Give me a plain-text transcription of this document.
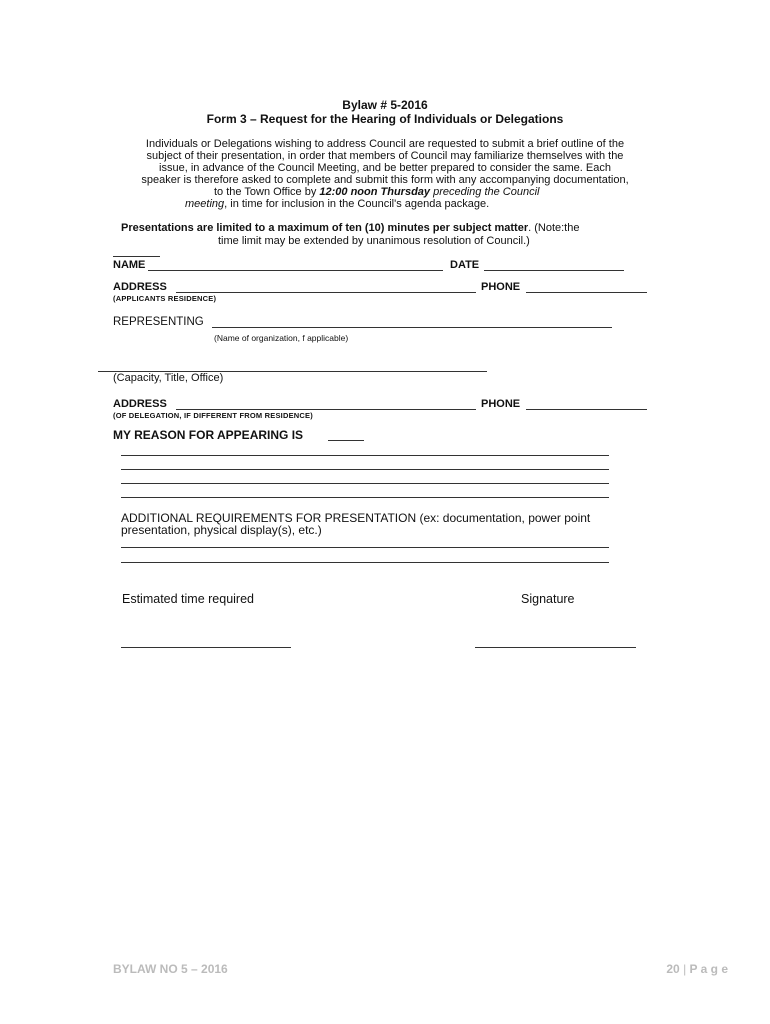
Bylaw # 5-2016
Form 3 – Request for the Hearing of Individuals or Delegations
Individuals or Delegations wishing to address Council are requested to submit a brief outline of the
subject of their presentation, in order that members of Council may familiarize themselves with the
issue, in advance of the Council Meeting, and be better prepared to consider the same. Each
speaker is therefore asked to complete and submit this form with any accompanying documentation,
to the Town Office by 12:00 noon Thursday preceding the Council
meeting, in time for inclusion in the Council's agenda package.
Presentations are limited to a maximum of ten (10) minutes per subject matter. (Note:the
time limit may be extended by unanimous resolution of Council.)
NAME	DATE
ADDRESS	PHONE
(APPLICANTS RESIDENCE)
REPRESENTING
(Name of organization, f applicable)
(Capacity, Title, Office)
ADDRESS	PHONE
(OF DELEGATION, IF DIFFERENT FROM RESIDENCE)
MY REASON FOR APPEARING IS
ADDITIONAL REQUIREMENTS FOR PRESENTATION (ex: documentation, power point
presentation, physical display(s), etc.)
Estimated time required	Signature
BYLAW NO 5 – 2016	20 | P a g e
